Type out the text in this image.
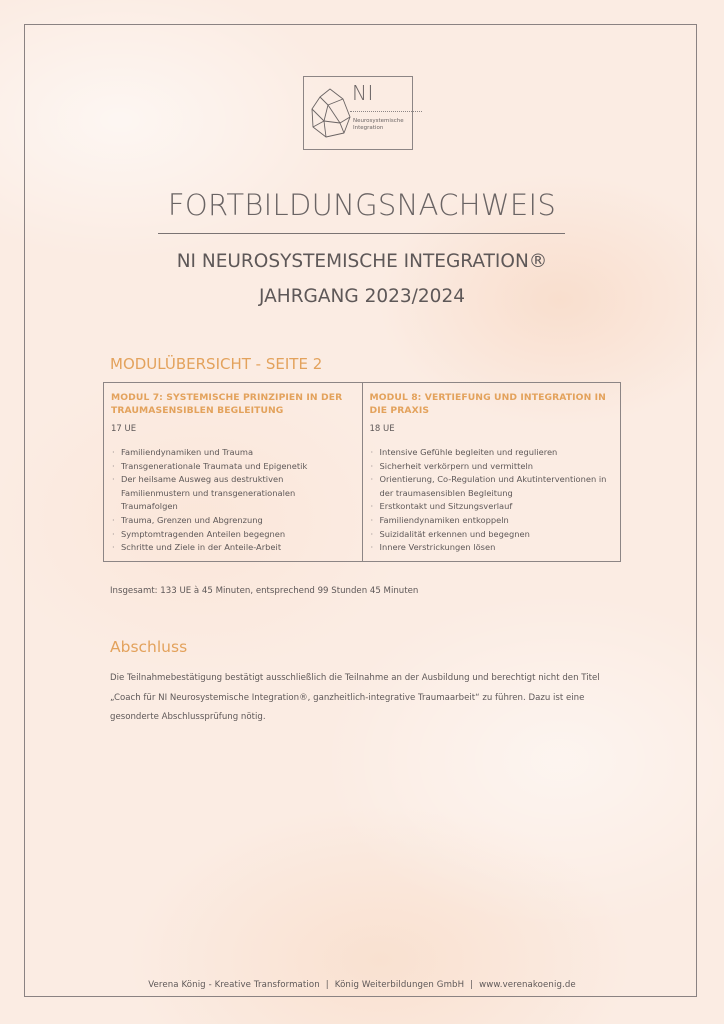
NI
Neurosystemische
Integration
FORTBILDUNGSNACHWEIS
NI NEUROSYSTEMISCHE INTEGRATION®
JAHRGANG 2023/2024
MODULÜBERSICHT - SEITE 2
MODUL 7: SYSTEMISCHE PRINZIPIEN IN DER TRAUMASENSIBLEN BEGLEITUNG
17 UE
· Familiendynamiken und Trauma
· Transgenerationale Traumata und Epigenetik
· Der heilsame Ausweg aus destruktiven Familienmustern und transgenerationalen Traumafolgen
· Trauma, Grenzen und Abgrenzung
· Symptomtragenden Anteilen begegnen
· Schritte und Ziele in der Anteile-Arbeit
MODUL 8: VERTIEFUNG UND INTEGRATION IN DIE PRAXIS
18 UE
· Intensive Gefühle begleiten und regulieren
· Sicherheit verkörpern und vermitteln
· Orientierung, Co-Regulation und Akutinterventionen in der traumasensiblen Begleitung
· Erstkontakt und Sitzungsverlauf
· Familiendynamiken entkoppeln
· Suizidalität erkennen und begegnen
· Innere Verstrickungen lösen
Insgesamt: 133 UE à 45 Minuten, entsprechend 99 Stunden 45 Minuten
Abschluss
Die Teilnahmebestätigung bestätigt ausschließlich die Teilnahme an der Ausbildung und berechtigt nicht den Titel „Coach für NI Neurosystemische Integration®, ganzheitlich-integrative Traumaarbeit“ zu führen. Dazu ist eine gesonderte Abschlussprüfung nötig.
Verena König - Kreative Transformation | König Weiterbildungen GmbH | www.verenakoenig.de
